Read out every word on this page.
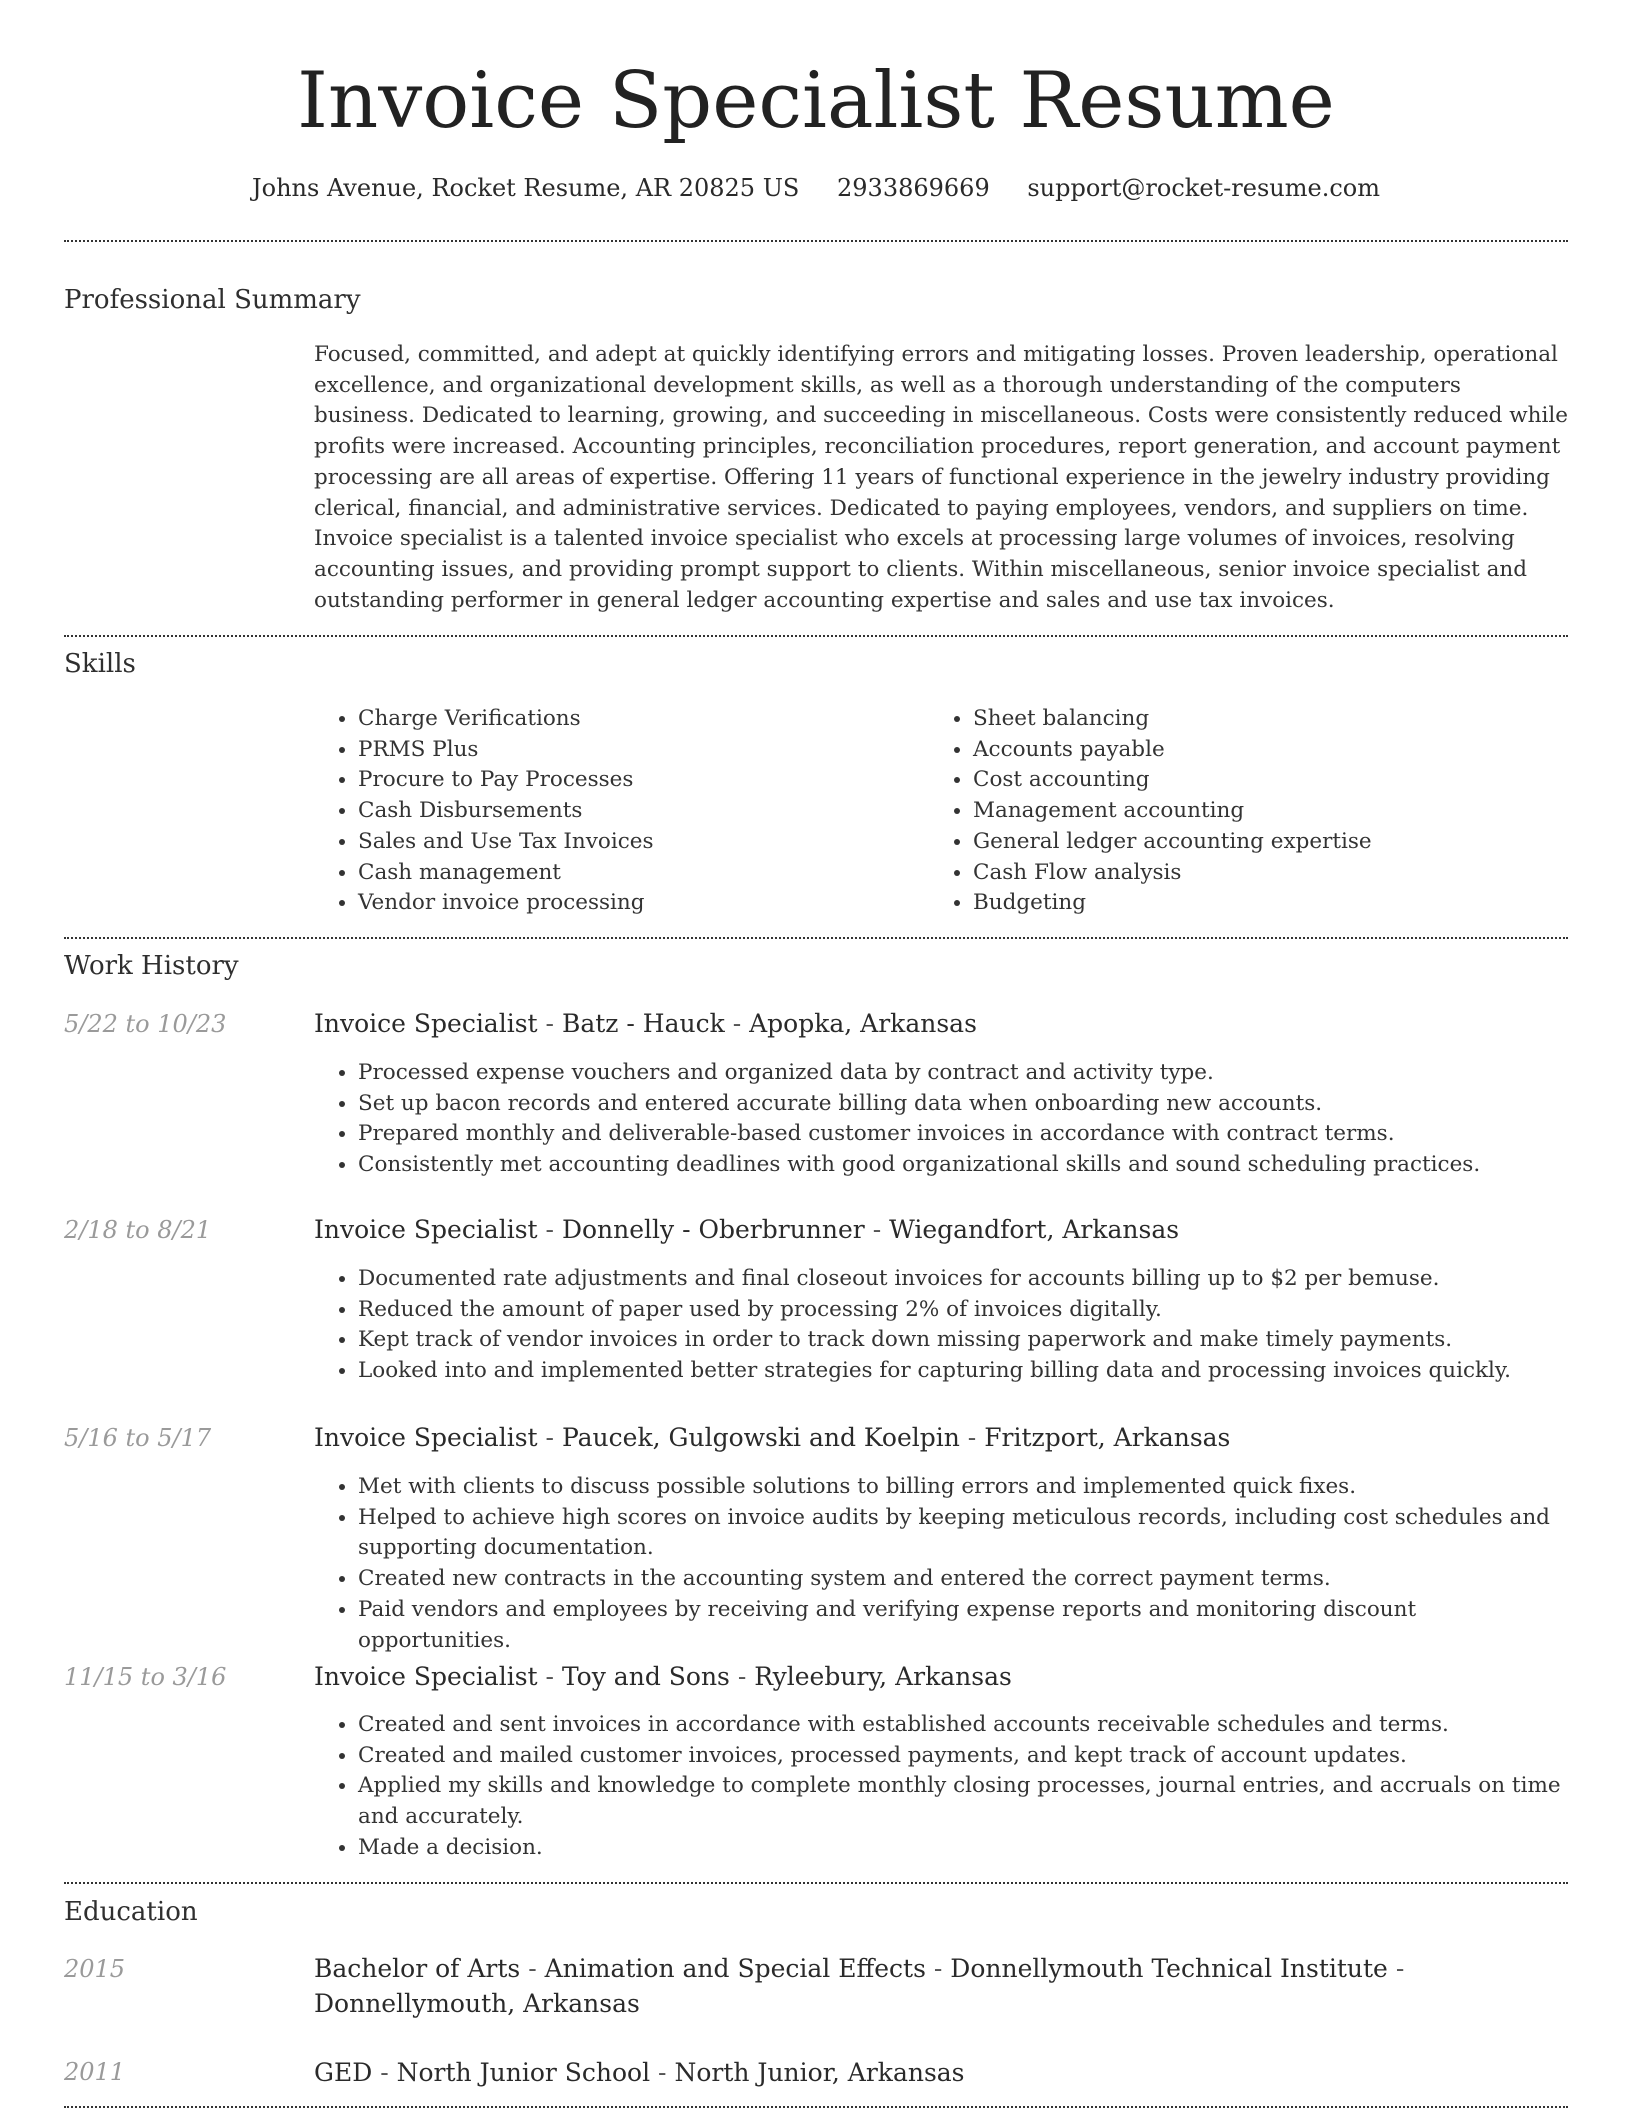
Invoice Specialist Resume
Johns Avenue, Rocket Resume, AR 20825 US 2933869669 support@rocket-resume.com
Professional Summary
Focused, committed, and adept at quickly identifying errors and mitigating losses. Proven leadership, operational excellence, and organizational development skills, as well as a thorough understanding of the computers business. Dedicated to learning, growing, and succeeding in miscellaneous. Costs were consistently reduced while profits were increased. Accounting principles, reconciliation procedures, report generation, and account payment processing are all areas of expertise. Offering 11 years of functional experience in the jewelry industry providing clerical, financial, and administrative services. Dedicated to paying employees, vendors, and suppliers on time. Invoice specialist is a talented invoice specialist who excels at processing large volumes of invoices, resolving accounting issues, and providing prompt support to clients. Within miscellaneous, senior invoice specialist and outstanding performer in general ledger accounting expertise and sales and use tax invoices.
Skills
• Charge Verifications
• PRMS Plus
• Procure to Pay Processes
• Cash Disbursements
• Sales and Use Tax Invoices
• Cash management
• Vendor invoice processing
• Sheet balancing
• Accounts payable
• Cost accounting
• Management accounting
• General ledger accounting expertise
• Cash Flow analysis
• Budgeting
Work History
5/22 to 10/23	Invoice Specialist - Batz - Hauck - Apopka, Arkansas
• Processed expense vouchers and organized data by contract and activity type.
• Set up bacon records and entered accurate billing data when onboarding new accounts.
• Prepared monthly and deliverable-based customer invoices in accordance with contract terms.
• Consistently met accounting deadlines with good organizational skills and sound scheduling practices.
2/18 to 8/21	Invoice Specialist - Donnelly - Oberbrunner - Wiegandfort, Arkansas
• Documented rate adjustments and final closeout invoices for accounts billing up to $2 per bemuse.
• Reduced the amount of paper used by processing 2% of invoices digitally.
• Kept track of vendor invoices in order to track down missing paperwork and make timely payments.
• Looked into and implemented better strategies for capturing billing data and processing invoices quickly.
5/16 to 5/17	Invoice Specialist - Paucek, Gulgowski and Koelpin - Fritzport, Arkansas
• Met with clients to discuss possible solutions to billing errors and implemented quick fixes.
• Helped to achieve high scores on invoice audits by keeping meticulous records, including cost schedules and supporting documentation.
• Created new contracts in the accounting system and entered the correct payment terms.
• Paid vendors and employees by receiving and verifying expense reports and monitoring discount opportunities.
11/15 to 3/16	Invoice Specialist - Toy and Sons - Ryleebury, Arkansas
• Created and sent invoices in accordance with established accounts receivable schedules and terms.
• Created and mailed customer invoices, processed payments, and kept track of account updates.
• Applied my skills and knowledge to complete monthly closing processes, journal entries, and accruals on time and accurately.
• Made a decision.
Education
2015	Bachelor of Arts - Animation and Special Effects - Donnellymouth Technical Institute - Donnellymouth, Arkansas
2011	GED - North Junior School - North Junior, Arkansas
